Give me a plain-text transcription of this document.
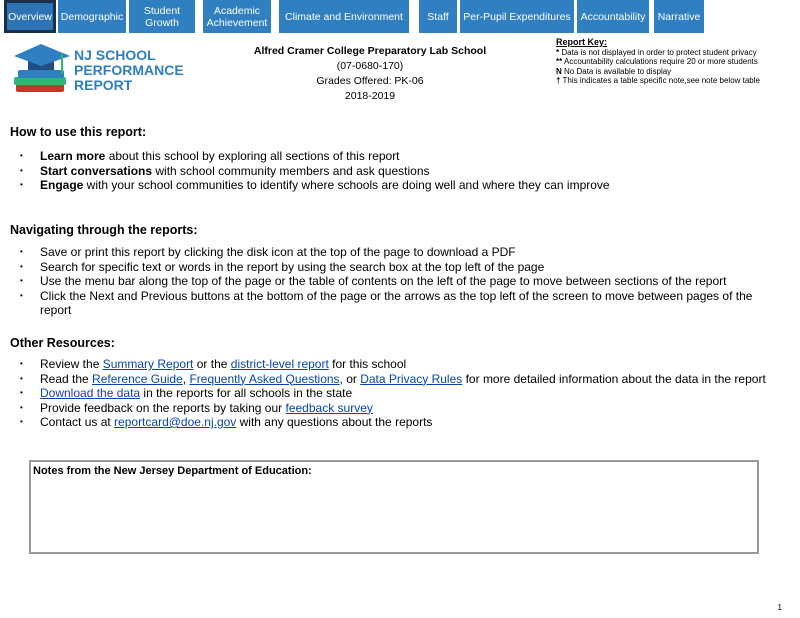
Overview Demographic	Student
Growth
Academic
Achievement	Climate and Environment	Staff	Per-Pupil Expenditures Accountability	Narrative
NJ SCHOOL
PERFORMANCE
REPORT
Alfred Cramer College Preparatory Lab School
(07-0680-170)
Grades Offered: PK-06
2018-2019
Report Key:
* Data is not displayed in order to protect student privacy
** Accountability calculations require 20 or more students
N No Data is available to display
† This indicates a table specific note,see note below table
How to use this report:
• Learn more about this school by exploring all sections of this report
• Start conversations with school community members and ask questions
• Engage with your school communities to identify where schools are doing well and where they can improve
Navigating through the reports:
• Save or print this report by clicking the disk icon at the top of the page to download a PDF
• Search for specific text or words in the report by using the search box at the top left of the page
• Use the menu bar along the top of the page or the table of contents on the left of the page to move between sections of the report
• Click the Next and Previous buttons at the bottom of the page or the arrows as the top left of the screen to move between pages of the report
Other Resources:
• Review the Summary Report or the district-level report for this school
• Read the Reference Guide, Frequently Asked Questions, or Data Privacy Rules for more detailed information about the data in the report
• Download the data in the reports for all schools in the state
• Provide feedback on the reports by taking our feedback survey
• Contact us at reportcard@doe.nj.gov with any questions about the reports
Notes from the New Jersey Department of Education:
1
